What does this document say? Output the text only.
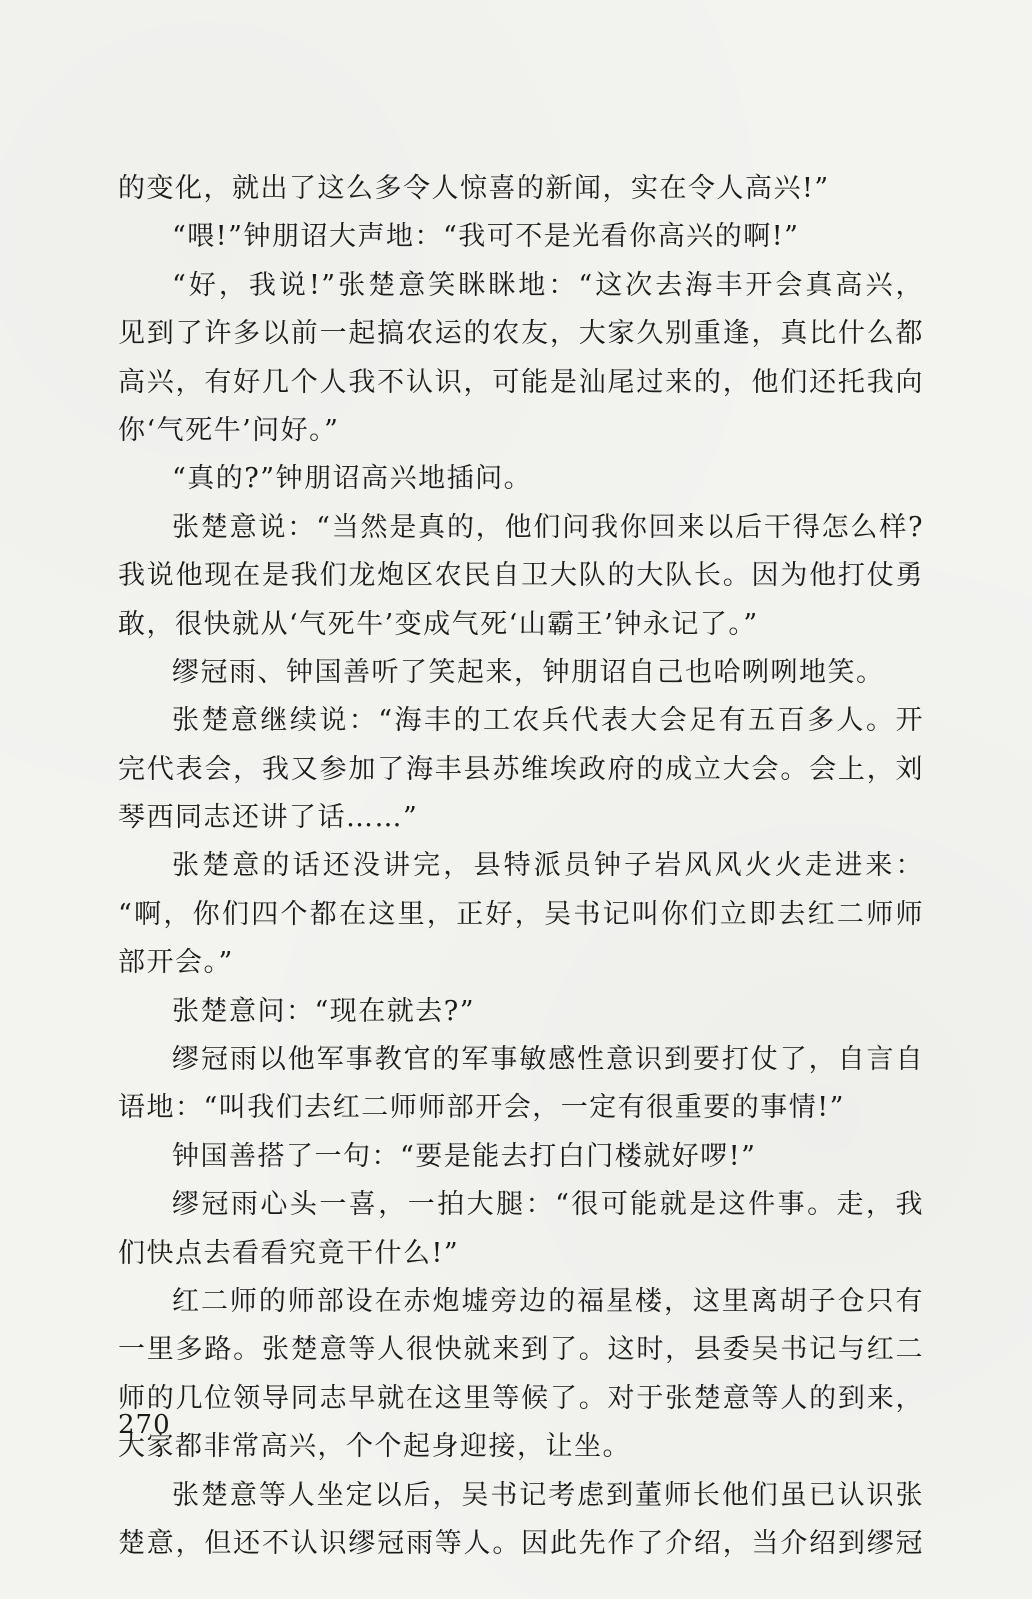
的变化，就出了这么多令人惊喜的新闻，实在令人高兴!”
“喂!”钟朋诏大声地：“我可不是光看你高兴的啊!”
“好，我说!”张楚意笑眯眯地：“这次去海丰开会真高兴，
见到了许多以前一起搞农运的农友，大家久别重逢，真比什么都
高兴，有好几个人我不认识，可能是汕尾过来的，他们还托我向
你‘气死牛’问好。”
“真的?”钟朋诏高兴地插问。
张楚意说：“当然是真的，他们问我你回来以后干得怎么样?
我说他现在是我们龙炮区农民自卫大队的大队长。因为他打仗勇
敢，很快就从‘气死牛’变成气死‘山霸王’钟永记了。”
缪冠雨、钟国善听了笑起来，钟朋诏自己也哈咧咧地笑。
张楚意继续说：“海丰的工农兵代表大会足有五百多人。开
完代表会，我又参加了海丰县苏维埃政府的成立大会。会上，刘
琴西同志还讲了话……”
张楚意的话还没讲完，县特派员钟子岩风风火火走进来：
“啊，你们四个都在这里，正好，吴书记叫你们立即去红二师师
部开会。”
张楚意问：“现在就去?”
缪冠雨以他军事教官的军事敏感性意识到要打仗了，自言自
语地：“叫我们去红二师师部开会，一定有很重要的事情!”
钟国善搭了一句：“要是能去打白门楼就好啰!”
缪冠雨心头一喜，一拍大腿：“很可能就是这件事。走，我
们快点去看看究竟干什么!”
红二师的师部设在赤炮墟旁边的福星楼，这里离胡子仓只有
一里多路。张楚意等人很快就来到了。这时，县委吴书记与红二
师的几位领导同志早就在这里等候了。对于张楚意等人的到来，
大家都非常高兴，个个起身迎接，让坐。
张楚意等人坐定以后，吴书记考虑到董师长他们虽已认识张
楚意，但还不认识缪冠雨等人。因此先作了介绍，当介绍到缪冠
270
